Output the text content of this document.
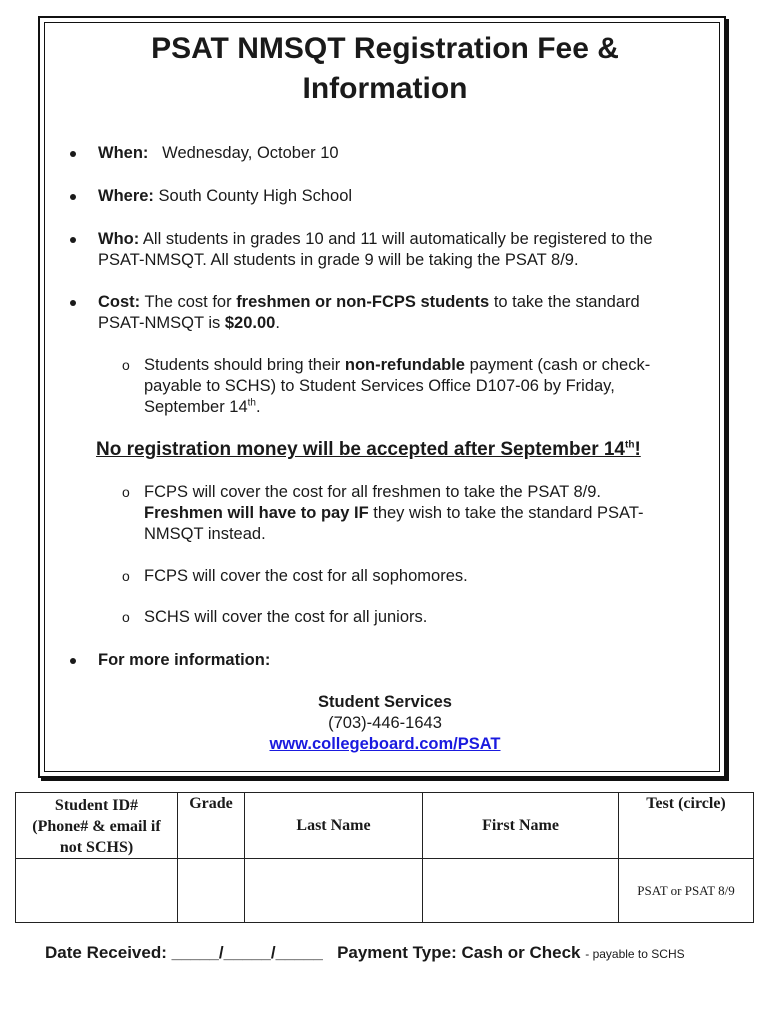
PSAT NMSQT Registration Fee &
Information
When: Wednesday, October 10
Where: South County High School
Who: All students in grades 10 and 11 will automatically be registered to the
PSAT-NMSQT. All students in grade 9 will be taking the PSAT 8/9.
Cost: The cost for freshmen or non-FCPS students to take the standard
PSAT-NMSQT is $20.00.
o Students should bring their non-refundable payment (cash or check-
payable to SCHS) to Student Services Office D107-06 by Friday,
September 14th.
No registration money will be accepted after September 14th!
o FCPS will cover the cost for all freshmen to take the PSAT 8/9.
Freshmen will have to pay IF they wish to take the standard PSAT-
NMSQT instead.
o FCPS will cover the cost for all sophomores.
o SCHS will cover the cost for all juniors.
For more information:
Student Services
(703)-446-1643
www.collegeboard.com/PSAT
Student ID#
(Phone# & email if
not SCHS)	Grade	Last Name	First Name	Test (circle)

				PSAT or PSAT 8/9
Date Received: _____/_____/_____ Payment Type: Cash or Check - payable to SCHS
